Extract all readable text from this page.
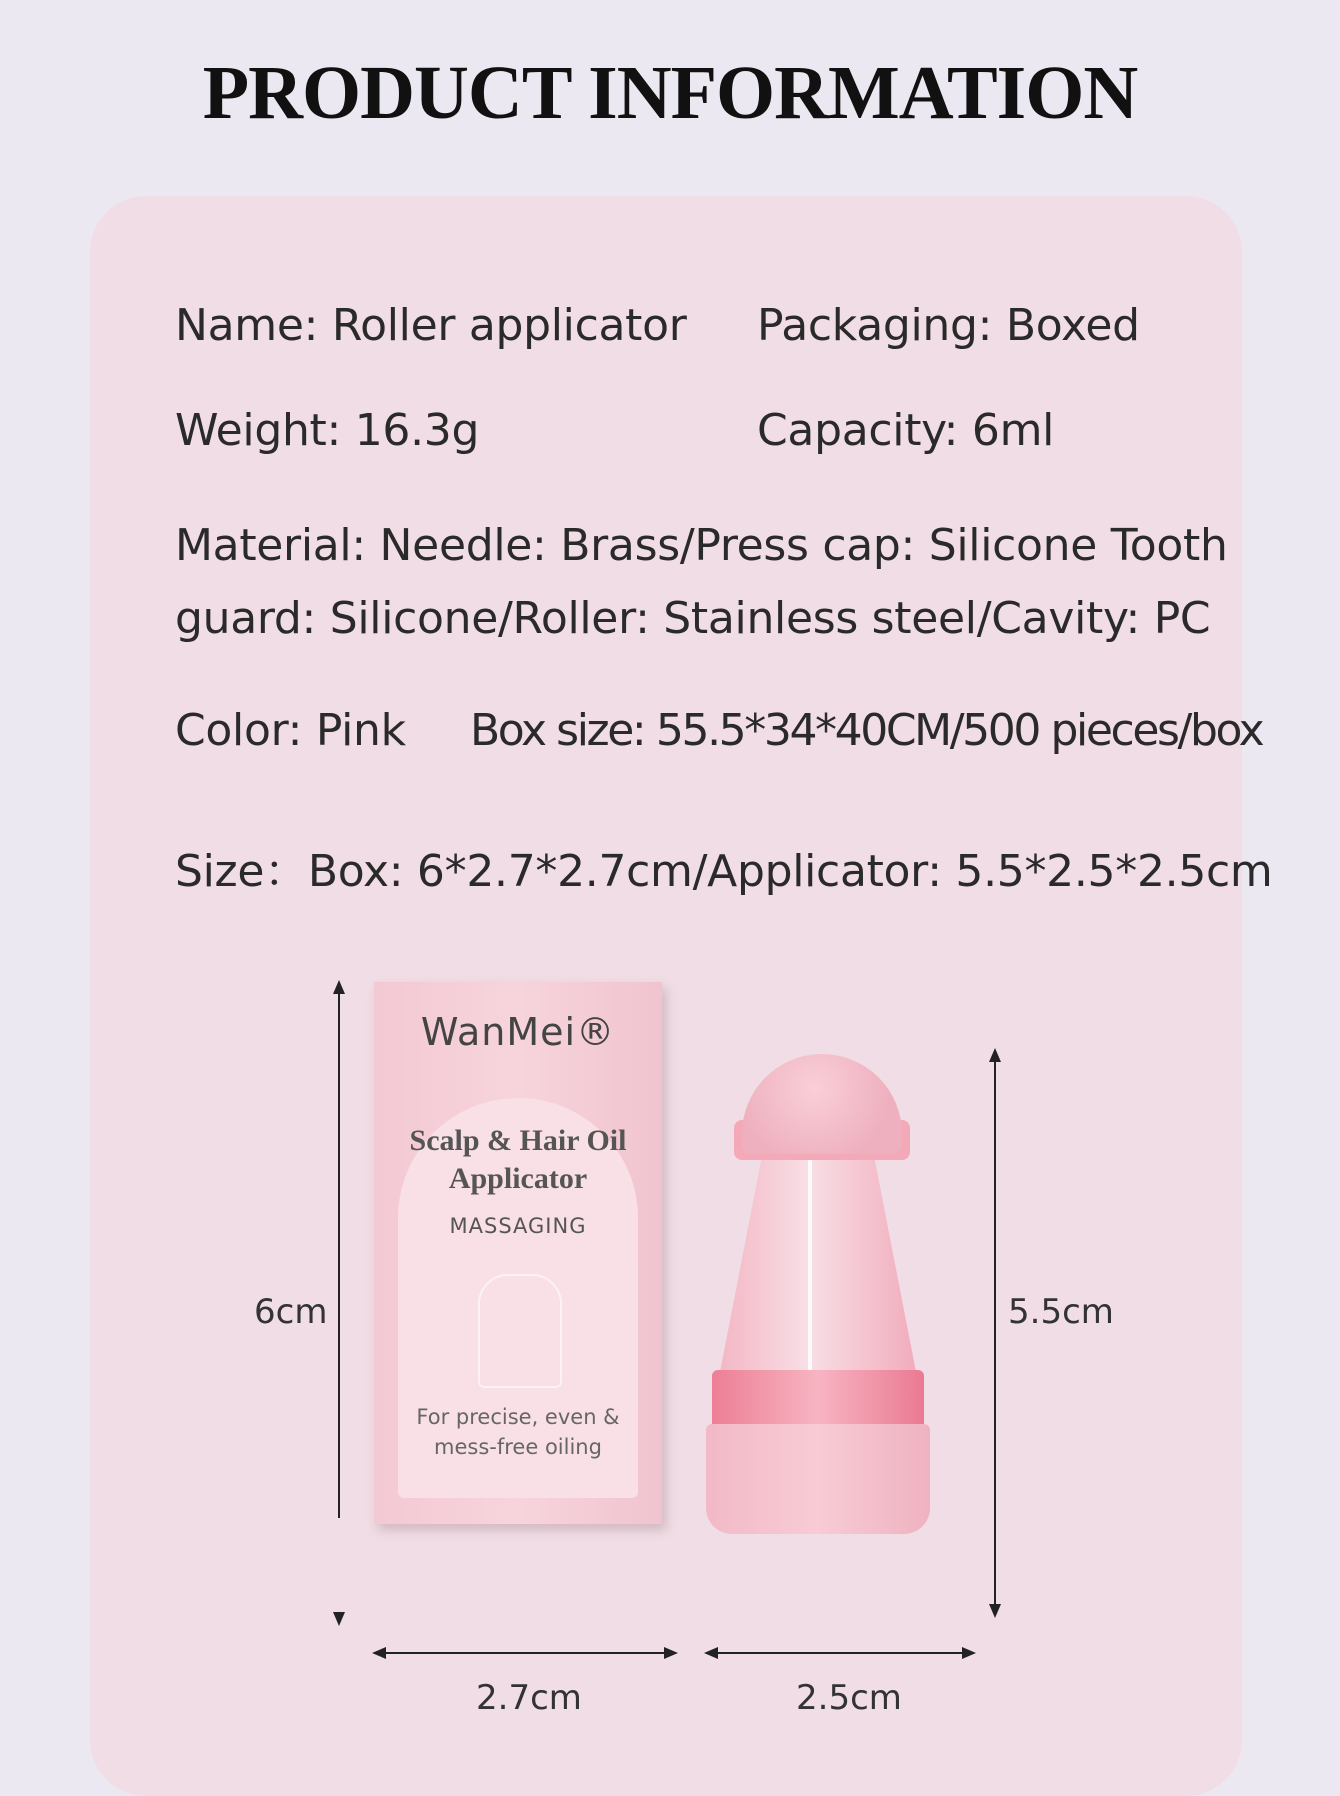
PRODUCT INFORMATION
Name: Roller applicator Packaging: Boxed
Weight: 16.3g	Capacity: 6ml
Material: Needle: Brass/Press cap: Silicone Tooth
guard: Silicone/Roller: Stainless steel/Cavity: PC
Color: Pink Box size: 55.5*34*40CM/500 pieces/box
Size：Box: 6*2.7*2.7cm/Applicator: 5.5*2.5*2.5cm
6cm
2.7cm
5.5cm
2.5cm
WanMei®
Scalp & Hair Oil
Applicator
MASSAGING
For precise, even &
mess-free oiling
